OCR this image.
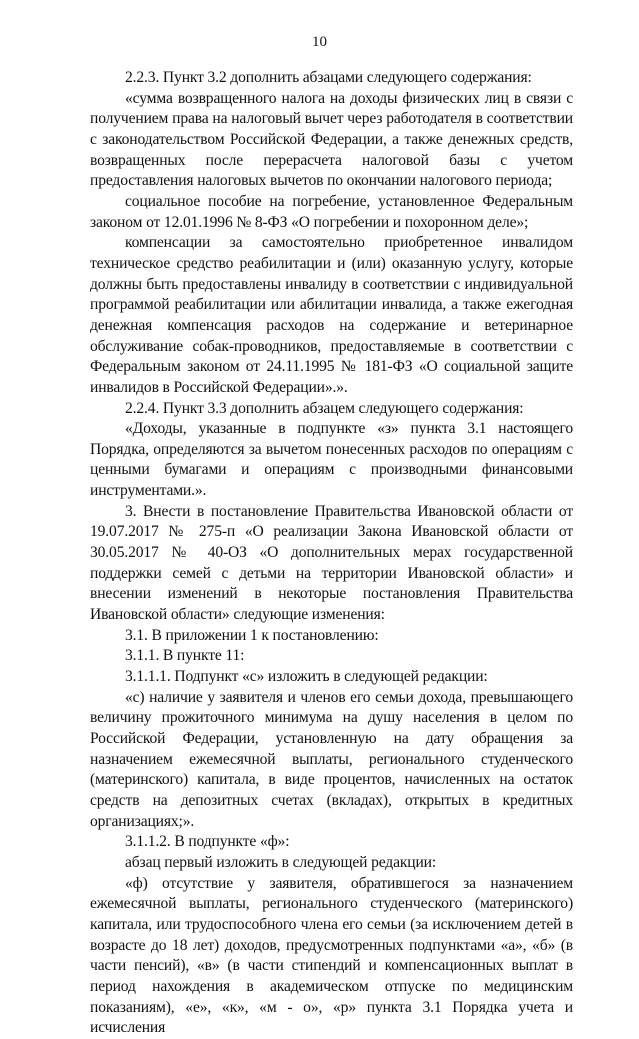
10

2.2.3. Пункт 3.2 дополнить абзацами следующего содержания:

«сумма возвращенного налога на доходы физических лиц в связи с получением права на налоговый вычет через работодателя в соответствии с законодательством Российской Федерации, а также денежных средств, возвращенных после перерасчета налоговой базы с учетом предоставления налоговых вычетов по окончании налогового периода;

социальное пособие на погребение, установленное Федеральным законом от 12.01.1996 № 8-ФЗ «О погребении и похоронном деле»;

компенсации за самостоятельно приобретенное инвалидом техническое средство реабилитации и (или) оказанную услугу, которые должны быть предоставлены инвалиду в соответствии с индивидуальной программой реабилитации или абилитации инвалида, а также ежегодная денежная компенсация расходов на содержание и ветеринарное обслуживание собак-проводников, предоставляемые в соответствии с Федеральным законом от 24.11.1995 № 181-ФЗ «О социальной защите инвалидов в Российской Федерации».».

2.2.4. Пункт 3.3 дополнить абзацем следующего содержания:

«Доходы, указанные в подпункте «з» пункта 3.1 настоящего Порядка, определяются за вычетом понесенных расходов по операциям с ценными бумагами и операциям с производными финансовыми инструментами.».

3. Внести в постановление Правительства Ивановской области от 19.07.2017 № 275-п «О реализации Закона Ивановской области от 30.05.2017 № 40-ОЗ «О дополнительных мерах государственной поддержки семей с детьми на территории Ивановской области» и внесении изменений в некоторые постановления Правительства Ивановской области» следующие изменения:

3.1. В приложении 1 к постановлению:

3.1.1. В пункте 11:

3.1.1.1. Подпункт «с» изложить в следующей редакции:

«с) наличие у заявителя и членов его семьи дохода, превышающего величину прожиточного минимума на душу населения в целом по Российской Федерации, установленную на дату обращения за назначением ежемесячной выплаты, регионального студенческого (материнского) капитала, в виде процентов, начисленных на остаток средств на депозитных счетах (вкладах), открытых в кредитных организациях;».

3.1.1.2. В подпункте «ф»:

абзац первый изложить в следующей редакции:

«ф) отсутствие у заявителя, обратившегося за назначением ежемесячной выплаты, регионального студенческого (материнского) капитала, или трудоспособного члена его семьи (за исключением детей в возрасте до 18 лет) доходов, предусмотренных подпунктами «а», «б» (в части пенсий), «в» (в части стипендий и компенсационных выплат в период нахождения в академическом отпуске по медицинским показаниям), «е», «к», «м - о», «р» пункта 3.1 Порядка учета и исчисления
